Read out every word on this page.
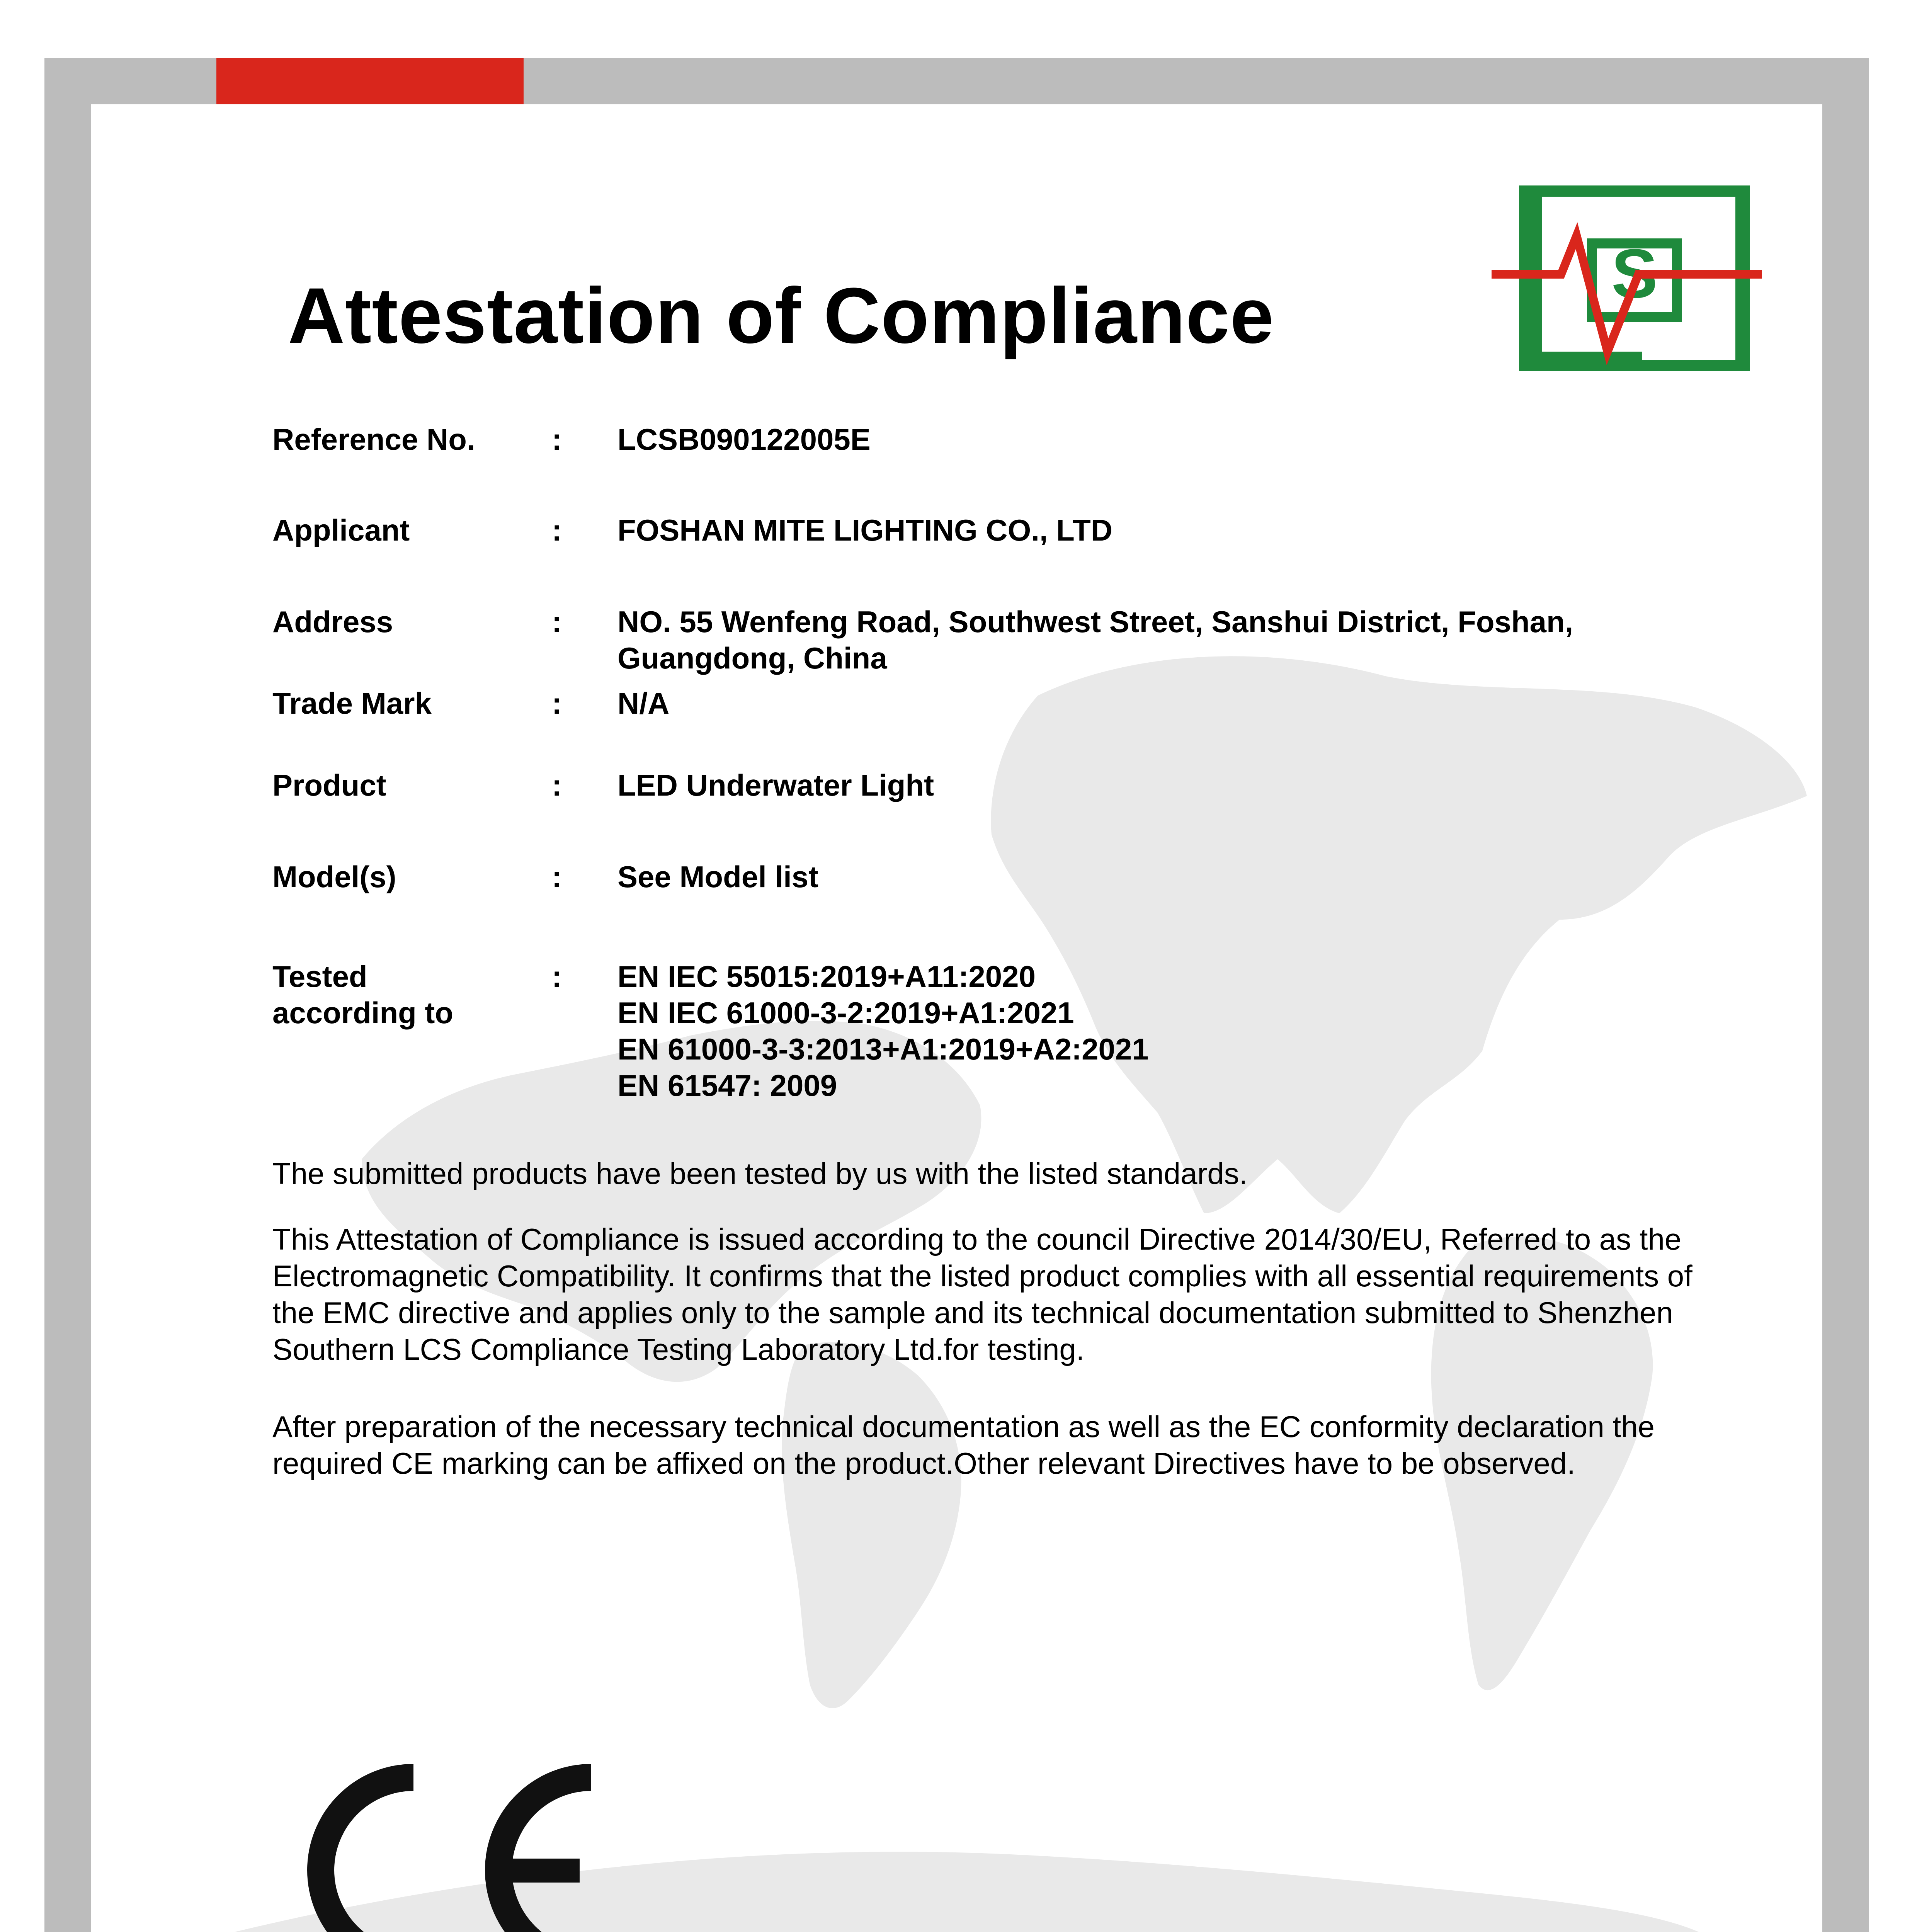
S
Attestation of Compliance
Reference No.	: LCSB090122005E
Applicant	: FOSHAN MITE LIGHTING CO., LTD
Address	: NO. 55 Wenfeng Road, Southwest Street, Sanshui District, Foshan,
Guangdong, China
Trade Mark	: N/A
Product	: LED Underwater Light
Model(s)	: See Model list
Tested
according to
: EN IEC 55015:2019+A11:2020
EN IEC 61000-3-2:2019+A1:2021
EN 61000-3-3:2013+A1:2019+A2:2021
EN 61547: 2009
The submitted products have been tested by us with the listed standards.
This Attestation of Compliance is issued according to the council Directive 2014/30/EU, Referred to as the Electromagnetic Compatibility. It confirms that the listed product complies with all essential requirements of the EMC directive and applies only to the sample and its technical documentation submitted to Shenzhen Southern LCS Compliance Testing Laboratory Ltd.for testing.
After preparation of the necessary technical documentation as well as the EC conformity declaration the required CE marking can be affixed on the product.Other relevant Directives have to be observed.
